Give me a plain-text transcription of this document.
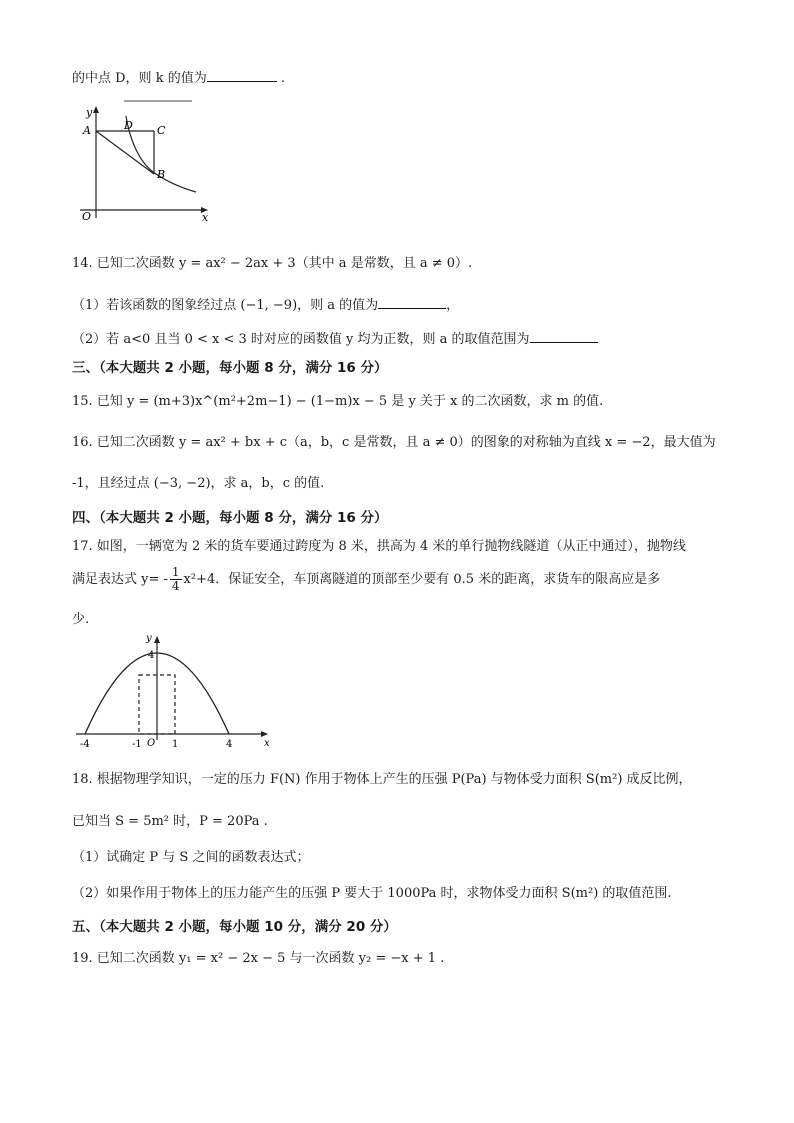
的中点 D，则 k 的值为	.
y
A	D C
B
O	x
14. 已知二次函数 y = ax² − 2ax + 3（其中 a 是常数，且 a ≠ 0）.
（1）若该函数的图象经过点 (−1, −9)，则 a 的值为	，
（2）若 a<0 且当 0 < x < 3 时对应的函数值 y 均为正数，则 a 的取值范围为
三、（本大题共 2 小题，每小题 8 分，满分 16 分）
15. 已知 y = (m+3)x^(m²+2m−1) − (1−m)x − 5 是 y 关于 x 的二次函数，求 m 的值.
16. 已知二次函数 y = ax² + bx + c（a，b，c 是常数，且 a ≠ 0）的图象的对称轴为直线 x = −2，最大值为
-1，且经过点 (−3, −2)，求 a，b，c 的值.
四、（本大题共 2 小题，每小题 8 分，满分 16 分）
17. 如图，一辆宽为 2 米的货车要通过跨度为 8 米，拱高为 4 米的单行抛物线隧道（从正中通过），抛物线
满足表达式 $y= - \frac{1}{4} x^2+4$．保证安全，车顶离隧道的顶部至少要有 0.5 米的距离，求货车的限高应是多
少.
y
4
-4	-1 O 1	4	x
18. 根据物理学知识，一定的压力 F(N) 作用于物体上产生的压强 P(Pa) 与物体受力面积 S(m²) 成反比例，
已知当 S = 5m² 时，P = 20Pa .
（1）试确定 P 与 S 之间的函数表达式；
（2）如果作用于物体上的压力能产生的压强 P 要大于 1000Pa 时，求物体受力面积 S(m²) 的取值范围.
五、（本大题共 2 小题，每小题 10 分，满分 20 分）
19. 已知二次函数 y₁ = x² − 2x − 5 与一次函数 y₂ = −x + 1 .
